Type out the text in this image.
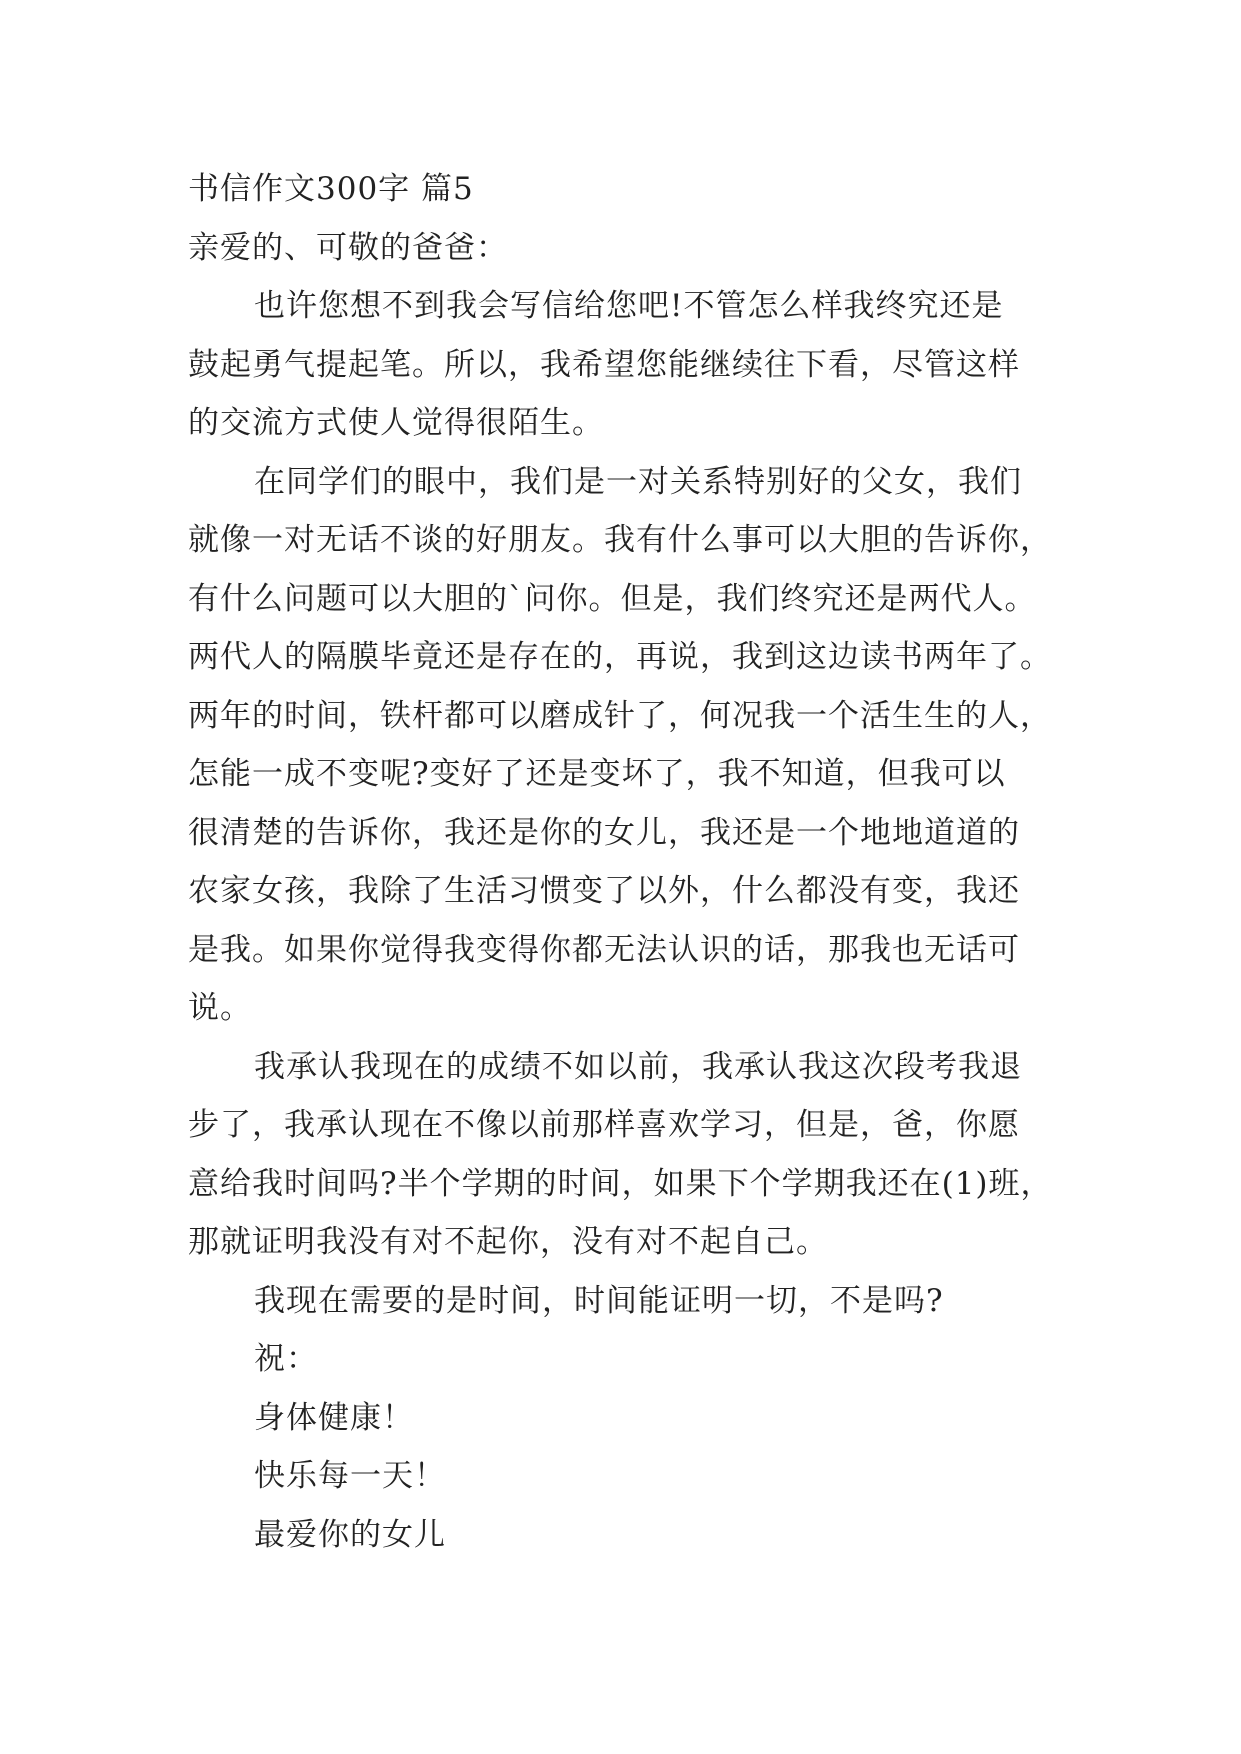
书信作文300字 篇5
亲爱的、可敬的爸爸：
也许您想不到我会写信给您吧!不管怎么样我终究还是
鼓起勇气提起笔。所以，我希望您能继续往下看，尽管这样
的交流方式使人觉得很陌生。
在同学们的眼中，我们是一对关系特别好的父女，我们
就像一对无话不谈的好朋友。我有什么事可以大胆的告诉你，
有什么问题可以大胆的`问你。但是，我们终究还是两代人。
两代人的隔膜毕竟还是存在的，再说，我到这边读书两年了。
两年的时间，铁杆都可以磨成针了，何况我一个活生生的人，
怎能一成不变呢?变好了还是变坏了，我不知道，但我可以
很清楚的告诉你，我还是你的女儿，我还是一个地地道道的
农家女孩，我除了生活习惯变了以外，什么都没有变，我还
是我。如果你觉得我变得你都无法认识的话，那我也无话可
说。
我承认我现在的成绩不如以前，我承认我这次段考我退
步了，我承认现在不像以前那样喜欢学习，但是，爸，你愿
意给我时间吗?半个学期的时间，如果下个学期我还在(1)班，
那就证明我没有对不起你，没有对不起自己。
我现在需要的是时间，时间能证明一切，不是吗?
祝：
身体健康！
快乐每一天！
最爱你的女儿
